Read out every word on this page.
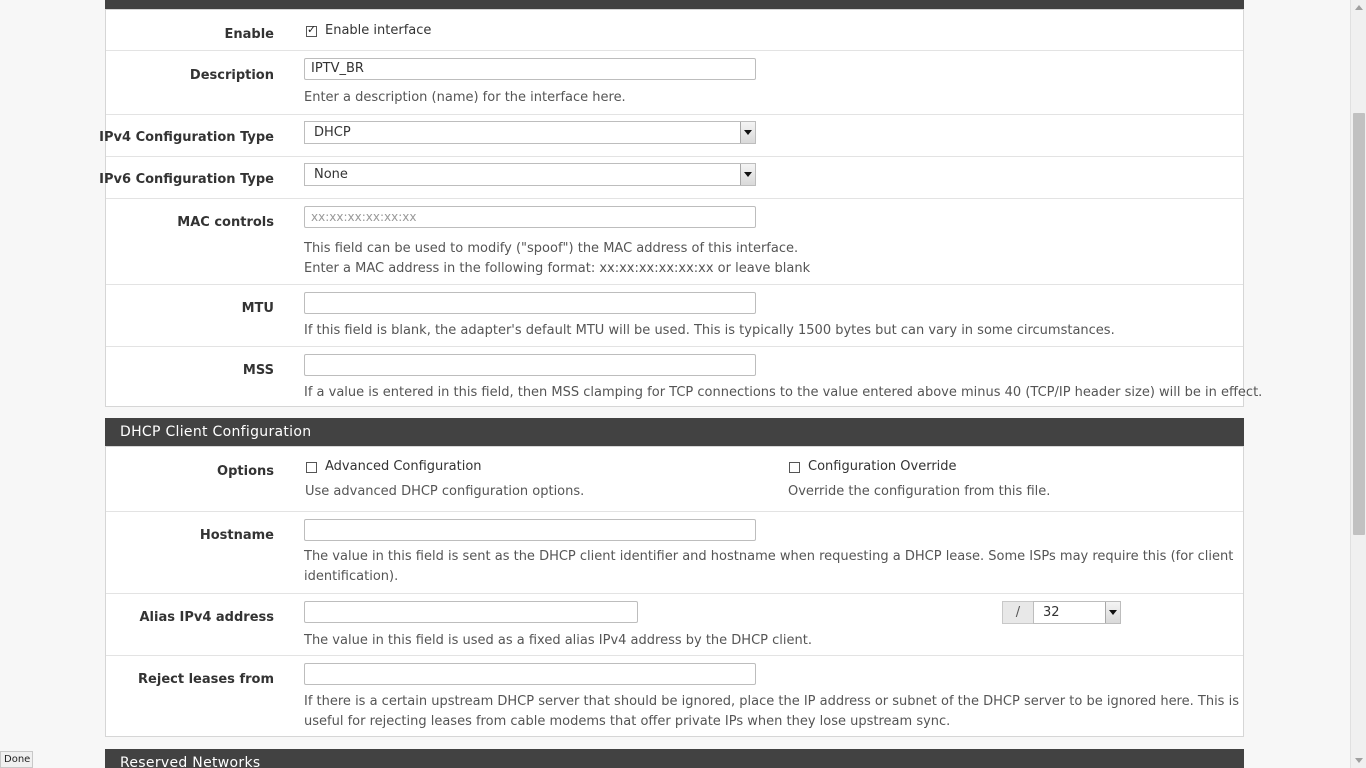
Enable
✓	Enable interface
Description	IPTV_BR
Enter a description (name) for the interface here.
IPv4 Configuration Type	DHCP
IPv6 Configuration Type	None
MAC controls	xx:xx:xx:xx:xx:xx
This field can be used to modify ("spoof") the MAC address of this interface.
Enter a MAC address in the following format: xx:xx:xx:xx:xx:xx or leave blank
MTU
If this field is blank, the adapter's default MTU will be used. This is typically 1500 bytes but can vary in some circumstances.
MSS
If a value is entered in this field, then MSS clamping for TCP connections to the value entered above minus 40 (TCP/IP header size) will be in effect.
DHCP Client Configuration
Options	Advanced Configuration
Use advanced DHCP configuration options.
Configuration Override
Override the configuration from this file.
Hostname
The value in this field is sent as the DHCP client identifier and hostname when requesting a DHCP lease. Some ISPs may require this (for client identification).
Alias IPv4 address	/	32
The value in this field is used as a fixed alias IPv4 address by the DHCP client.
Reject leases from
If there is a certain upstream DHCP server that should be ignored, place the IP address or subnet of the DHCP server to be ignored here. This is useful for rejecting leases from cable modems that offer private IPs when they lose upstream sync.
Reserved Networks
Done
